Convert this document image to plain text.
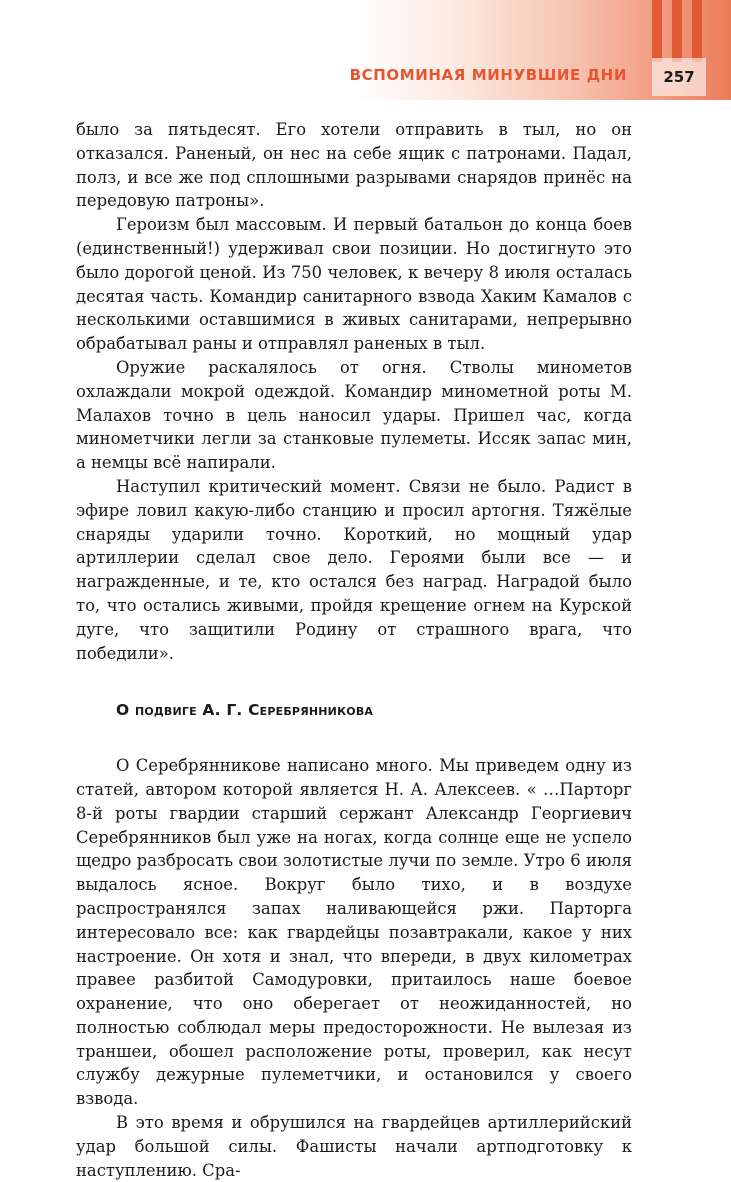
ВСПОМИНАЯ МИНУВШИЕ ДНИ 257

было за пятьдесят. Его хотели отправить в тыл, но он отказался. Раненый, он нес на себе ящик с патронами. Падал, полз, и все же под сплошными разрывами снарядов принёс на передовую патроны».

Героизм был массовым. И первый батальон до конца боев (единственный!) удерживал свои позиции. Но достигнуто это было дорогой ценой. Из 750 человек, к вечеру 8 июля осталась десятая часть. Командир санитарного взвода Хаким Камалов с несколькими оставшимися в живых санитарами, непрерывно обрабатывал раны и отправлял раненых в тыл.

Оружие раскалялось от огня. Стволы минометов охлаждали мокрой одеждой. Командир минометной роты М. Малахов точно в цель наносил удары. Пришел час, когда минометчики легли за станковые пулеметы. Иссяк запас мин, а немцы всё напирали.

Наступил критический момент. Связи не было. Радист в эфире ловил какую-либо станцию и просил артогня. Тяжёлые снаряды ударили точно. Короткий, но мощный удар артиллерии сделал свое дело. Героями были все — и награжденные, и те, кто остался без наград. Наградой было то, что остались живыми, пройдя крещение огнем на Курской дуге, что защитили Родину от страшного врага, что победили».

О подвиге А. Г. Серебрянникова

О Серебрянникове написано много. Мы приведем одну из статей, автором которой является Н. А. Алексеев. « …Парторг 8-й роты гвардии старший сержант Александр Георгиевич Серебрянников был уже на ногах, когда солнце еще не успело щедро разбросать свои золотистые лучи по земле. Утро 6 июля выдалось ясное. Вокруг было тихо, и в воздухе распространялся запах наливающейся ржи. Парторга интересовало все: как гвардейцы позавтракали, какое у них настроение. Он хотя и знал, что впереди, в двух километрах правее разбитой Самодуровки, притаилось наше боевое охранение, что оно оберегает от неожиданностей, но полностью соблюдал меры предосторожности. Не вылезая из траншеи, обошел расположение роты, проверил, как несут службу дежурные пулеметчики, и остановился у своего взвода.

В это время и обрушился на гвардейцев артиллерийский удар большой силы. Фашисты начали артподготовку к наступлению. Сра-
